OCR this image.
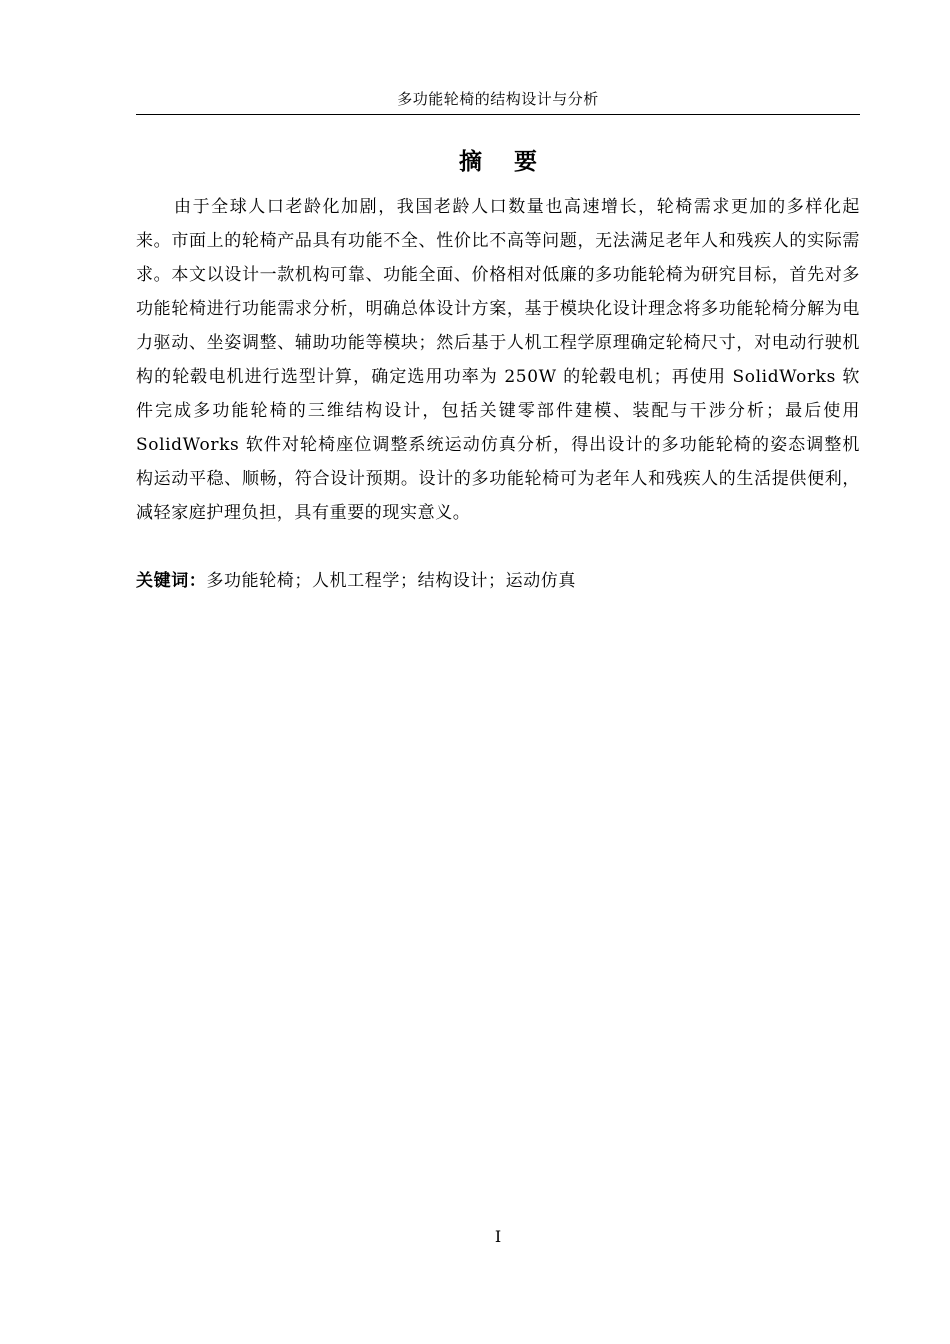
多功能轮椅的结构设计与分析
摘 要

由于全球人口老龄化加剧，我国老龄人口数量也高速增长，轮椅需求更加的多样化起来。市面上的轮椅产品具有功能不全、性价比不高等问题，无法满足老年人和残疾人的实际需求。本文以设计一款机构可靠、功能全面、价格相对低廉的多功能轮椅为研究目标，首先对多功能轮椅进行功能需求分析，明确总体设计方案，基于模块化设计理念将多功能轮椅分解为电力驱动、坐姿调整、辅助功能等模块；然后基于人机工程学原理确定轮椅尺寸，对电动行驶机构的轮毂电机进行选型计算，确定选用功率为 250W 的轮毂电机；再使用 SolidWorks 软件完成多功能轮椅的三维结构设计，包括关键零部件建模、装配与干涉分析；最后使用 SolidWorks 软件对轮椅座位调整系统运动仿真分析，得出设计的多功能轮椅的姿态调整机构运动平稳、顺畅，符合设计预期。设计的多功能轮椅可为老年人和残疾人的生活提供便利，减轻家庭护理负担，具有重要的现实意义。

关键词：多功能轮椅；人机工程学；结构设计；运动仿真
I
